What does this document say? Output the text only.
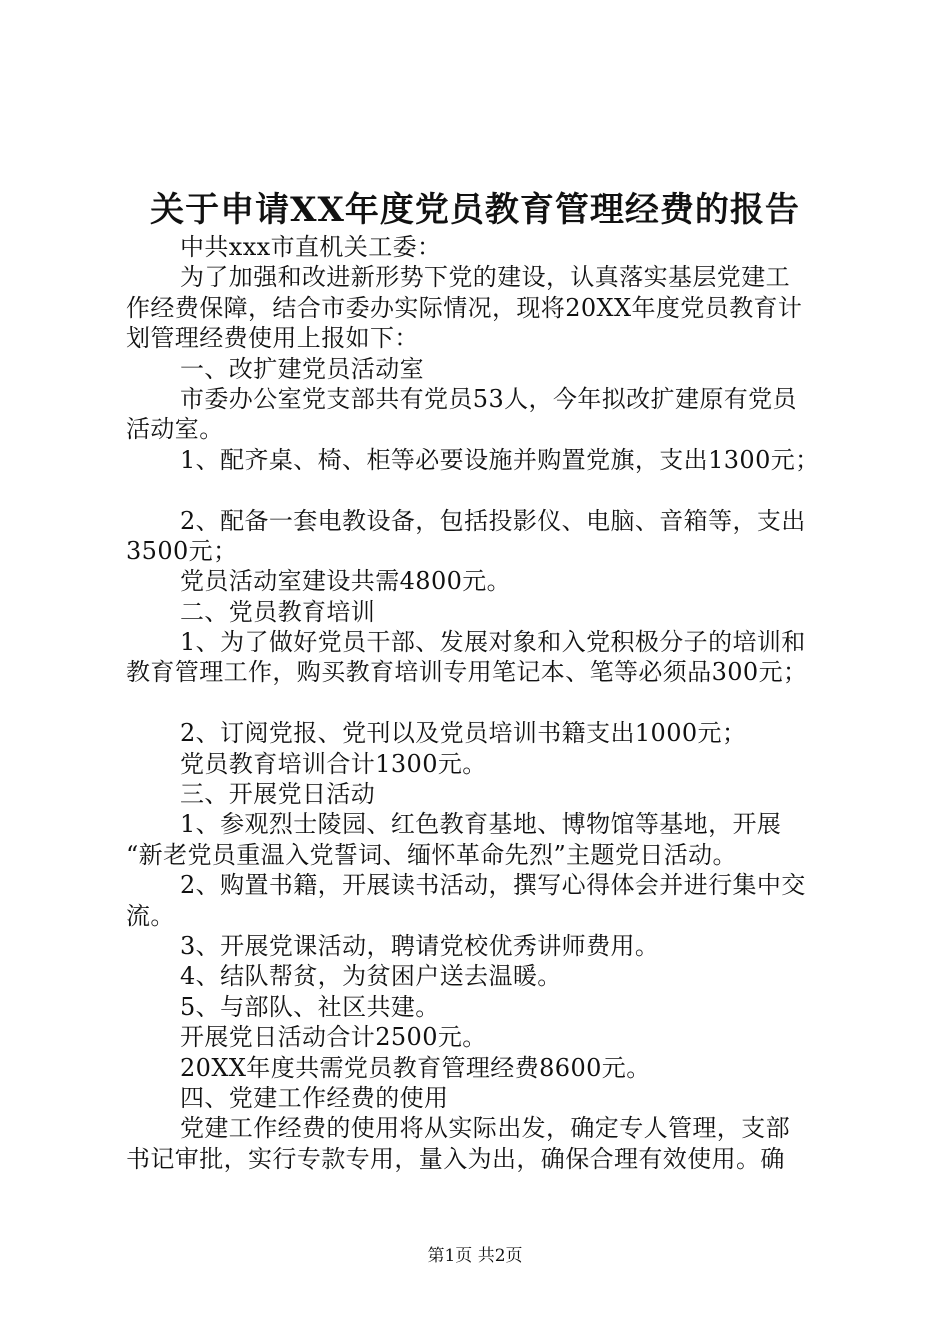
关于申请XX年度党员教育管理经费的报告

中共xxx市直机关工委：

为了加强和改进新形势下党的建设，认真落实基层党建工

作经费保障，结合市委办实际情况，现将20XX年度党员教育计

划管理经费使用上报如下：

一、改扩建党员活动室

市委办公室党支部共有党员53人，今年拟改扩建原有党员

活动室。

1、配齐桌、椅、柜等必要设施并购置党旗，支出1300元；

2、配备一套电教设备，包括投影仪、电脑、音箱等，支出

3500元；

党员活动室建设共需4800元。

二、党员教育培训

1、为了做好党员干部、发展对象和入党积极分子的培训和

教育管理工作，购买教育培训专用笔记本、笔等必须品300元；

2、订阅党报、党刊以及党员培训书籍支出1000元；

党员教育培训合计1300元。

三、开展党日活动

1、参观烈士陵园、红色教育基地、博物馆等基地，开展

“新老党员重温入党誓词、缅怀革命先烈”主题党日活动。

2、购置书籍，开展读书活动，撰写心得体会并进行集中交

流。

3、开展党课活动，聘请党校优秀讲师费用。

4、结队帮贫，为贫困户送去温暖。

5、与部队、社区共建。

开展党日活动合计2500元。

20XX年度共需党员教育管理经费8600元。

四、党建工作经费的使用

党建工作经费的使用将从实际出发，确定专人管理，支部

书记审批，实行专款专用，量入为出，确保合理有效使用。确

第1页 共2页
